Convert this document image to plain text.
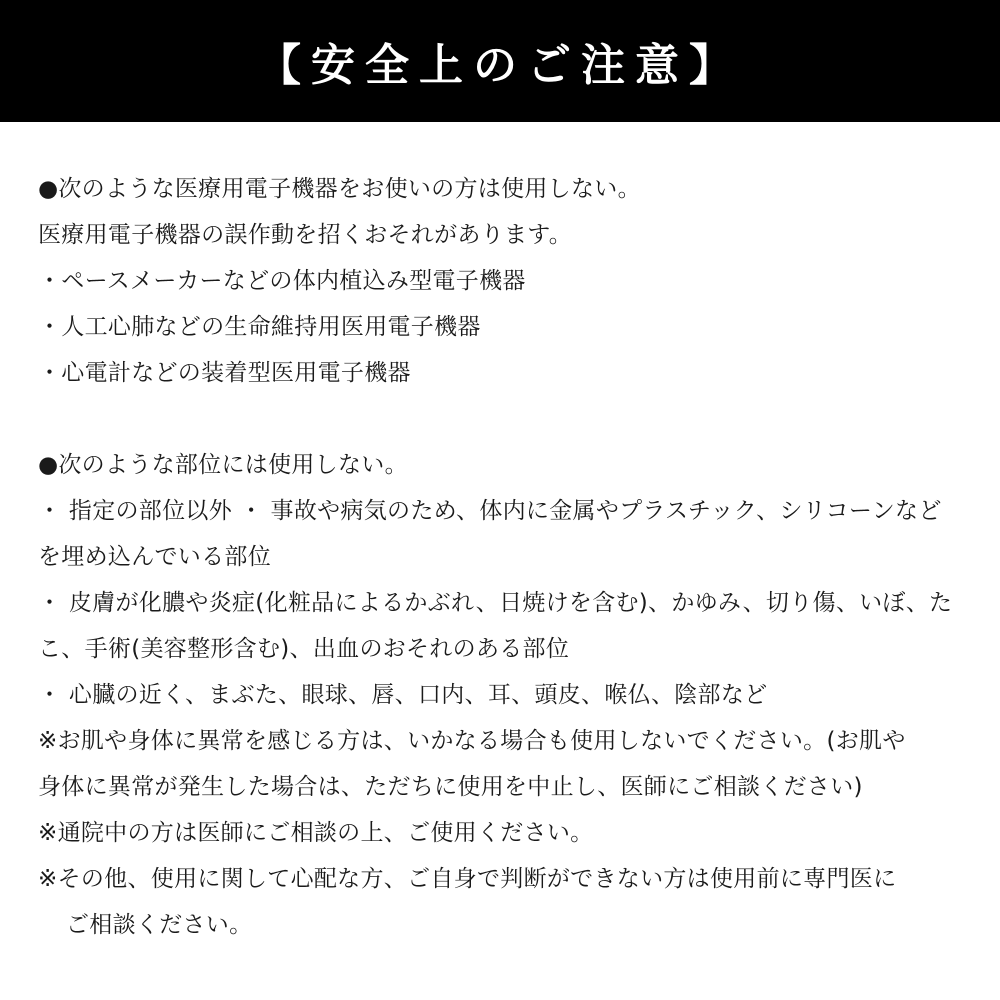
【安全上のご注意】
●次のような医療用電子機器をお使いの方は使用しない。
医療用電子機器の誤作動を招くおそれがあります。
・ペースメーカーなどの体内植込み型電子機器
・人工心肺などの生命維持用医用電子機器
・心電計などの装着型医用電子機器
●次のような部位には使用しない。
・ 指定の部位以外 ・ 事故や病気のため、体内に金属やプラスチック、シリコーンなど
を埋め込んでいる部位
・ 皮膚が化膿や炎症(化粧品によるかぶれ、日焼けを含む)、かゆみ、切り傷、いぼ、た
こ、手術(美容整形含む)、出血のおそれのある部位
・ 心臓の近く、まぶた、眼球、唇、口内、耳、頭皮、喉仏、陰部など
※お肌や身体に異常を感じる方は、いかなる場合も使用しないでください。(お肌や
身体に異常が発生した場合は、ただちに使用を中止し、医師にご相談ください)
※通院中の方は医師にご相談の上、ご使用ください。
※その他、使用に関して心配な方、ご自身で判断ができない方は使用前に専門医に
ご相談ください。
